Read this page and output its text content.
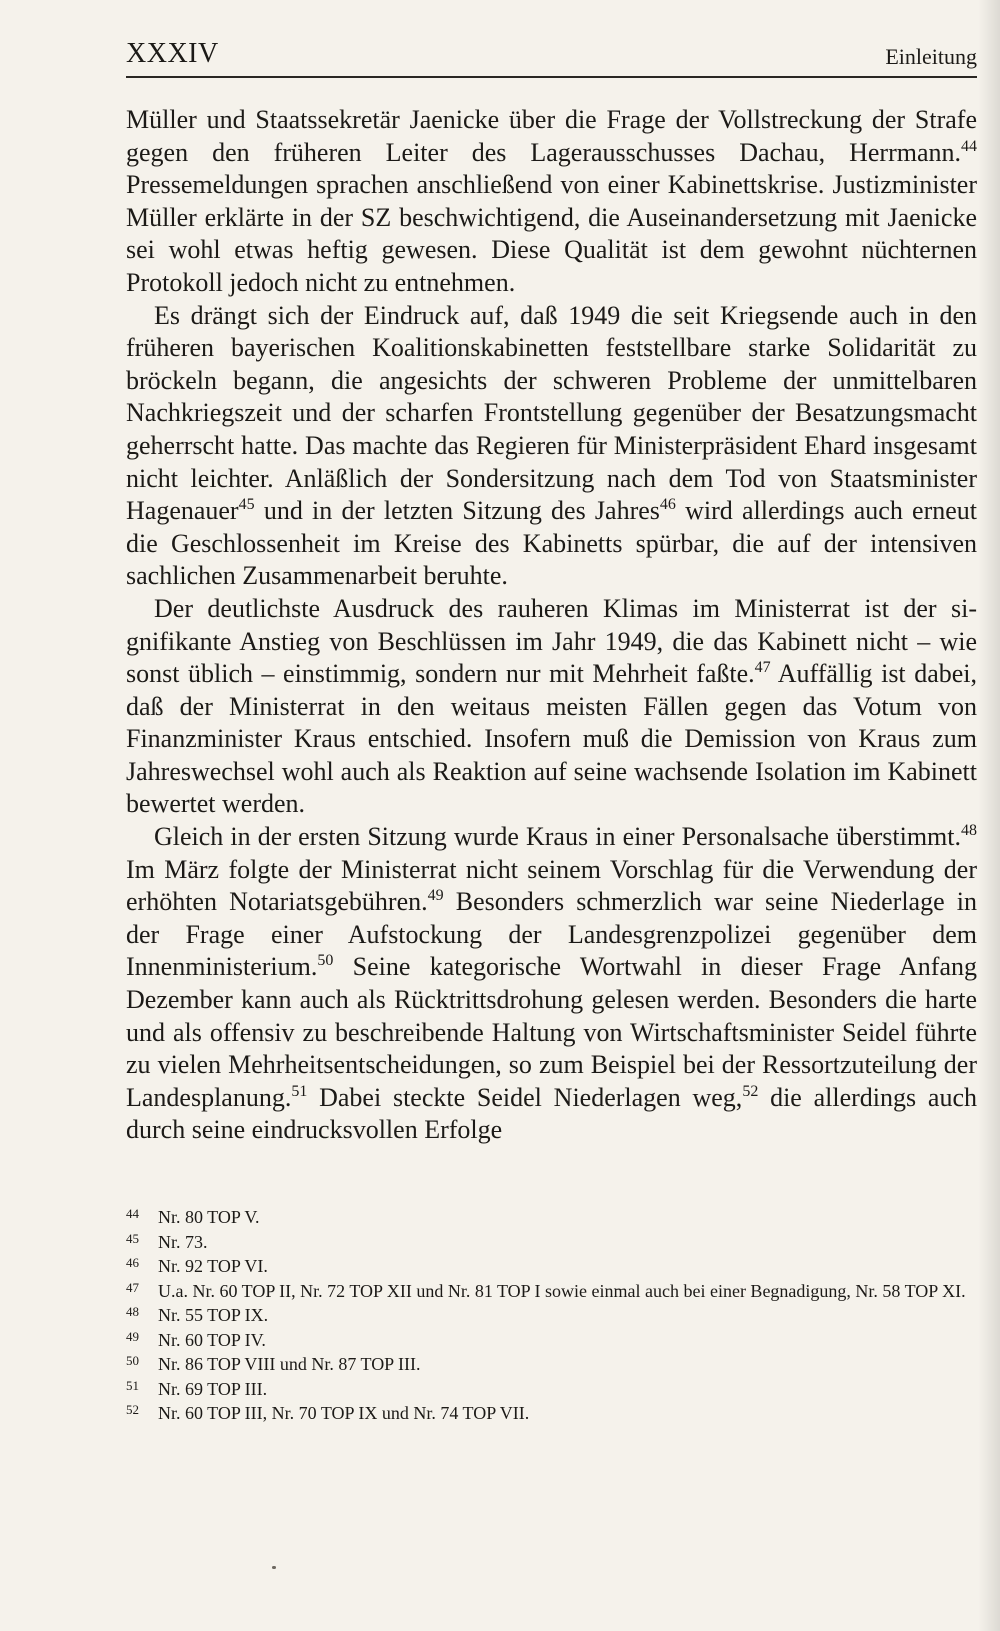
XXXIV	Einleitung

Müller und Staatssekretär Jaenicke über die Frage der Vollstreckung der Strafe gegen den früheren Leiter des Lagerausschusses Dachau, Herrmann.$^{44}$ Pressemeldungen sprachen anschließend von einer Kabinettskrise. Justizminister Müller erklärte in der SZ beschwichtigend, die Auseinandersetzung mit Jaenicke sei wohl etwas heftig gewesen. Diese Qualität ist dem gewohnt nüchternen Protokoll jedoch nicht zu entnehmen.

Es drängt sich der Eindruck auf, daß 1949 die seit Kriegsende auch in den früheren bayerischen Koalitionskabinetten feststellbare starke Solidarität zu bröckeln begann, die angesichts der schweren Probleme der unmittelbaren Nachkriegszeit und der scharfen Frontstellung gegenüber der Besatzungsmacht geherrscht hatte. Das machte das Regieren für Ministerpräsident Ehard insgesamt nicht leichter. Anläßlich der Sondersitzung nach dem Tod von Staatsminister Hagenauer$^{45}$ und in der letzten Sitzung des Jahres$^{46}$ wird allerdings auch erneut die Geschlossenheit im Kreise des Kabinetts spürbar, die auf der intensiven sachlichen Zusammenarbeit beruhte.

Der deutlichste Ausdruck des rauheren Klimas im Ministerrat ist der signifikante Anstieg von Beschlüssen im Jahr 1949, die das Kabinett nicht – wie sonst üblich – einstimmig, sondern nur mit Mehrheit faßte.$^{47}$ Auffällig ist dabei, daß der Ministerrat in den weitaus meisten Fällen gegen das Votum von Finanzminister Kraus entschied. Insofern muß die Demission von Kraus zum Jahreswechsel wohl auch als Reaktion auf seine wachsende Isolation im Kabinett bewertet werden.

Gleich in der ersten Sitzung wurde Kraus in einer Personalsache überstimmt.$^{48}$ Im März folgte der Ministerrat nicht seinem Vorschlag für die Verwendung der erhöhten Notariatsgebühren.$^{49}$ Besonders schmerzlich war seine Niederlage in der Frage einer Aufstockung der Landesgrenzpolizei gegenüber dem Innenministerium.$^{50}$ Seine kategorische Wortwahl in dieser Frage Anfang Dezember kann auch als Rücktrittsdrohung gelesen werden. Besonders die harte und als offensiv zu beschreibende Haltung von Wirtschaftsminister Seidel führte zu vielen Mehrheitsentscheidungen, so zum Beispiel bei der Ressortzuteilung der Landesplanung.$^{51}$ Dabei steckte Seidel Niederlagen weg,$^{52}$ die allerdings auch durch seine eindrucksvollen Erfolge

44 Nr. 80 TOP V.
45 Nr. 73.
46 Nr. 92 TOP VI.
47 U.a. Nr. 60 TOP II, Nr. 72 TOP XII und Nr. 81 TOP I sowie einmal auch bei einer Begnadigung, Nr. 58 TOP XI.
48 Nr. 55 TOP IX.
49 Nr. 60 TOP IV.
50 Nr. 86 TOP VIII und Nr. 87 TOP III.
51 Nr. 69 TOP III.
52 Nr. 60 TOP III, Nr. 70 TOP IX und Nr. 74 TOP VII.
